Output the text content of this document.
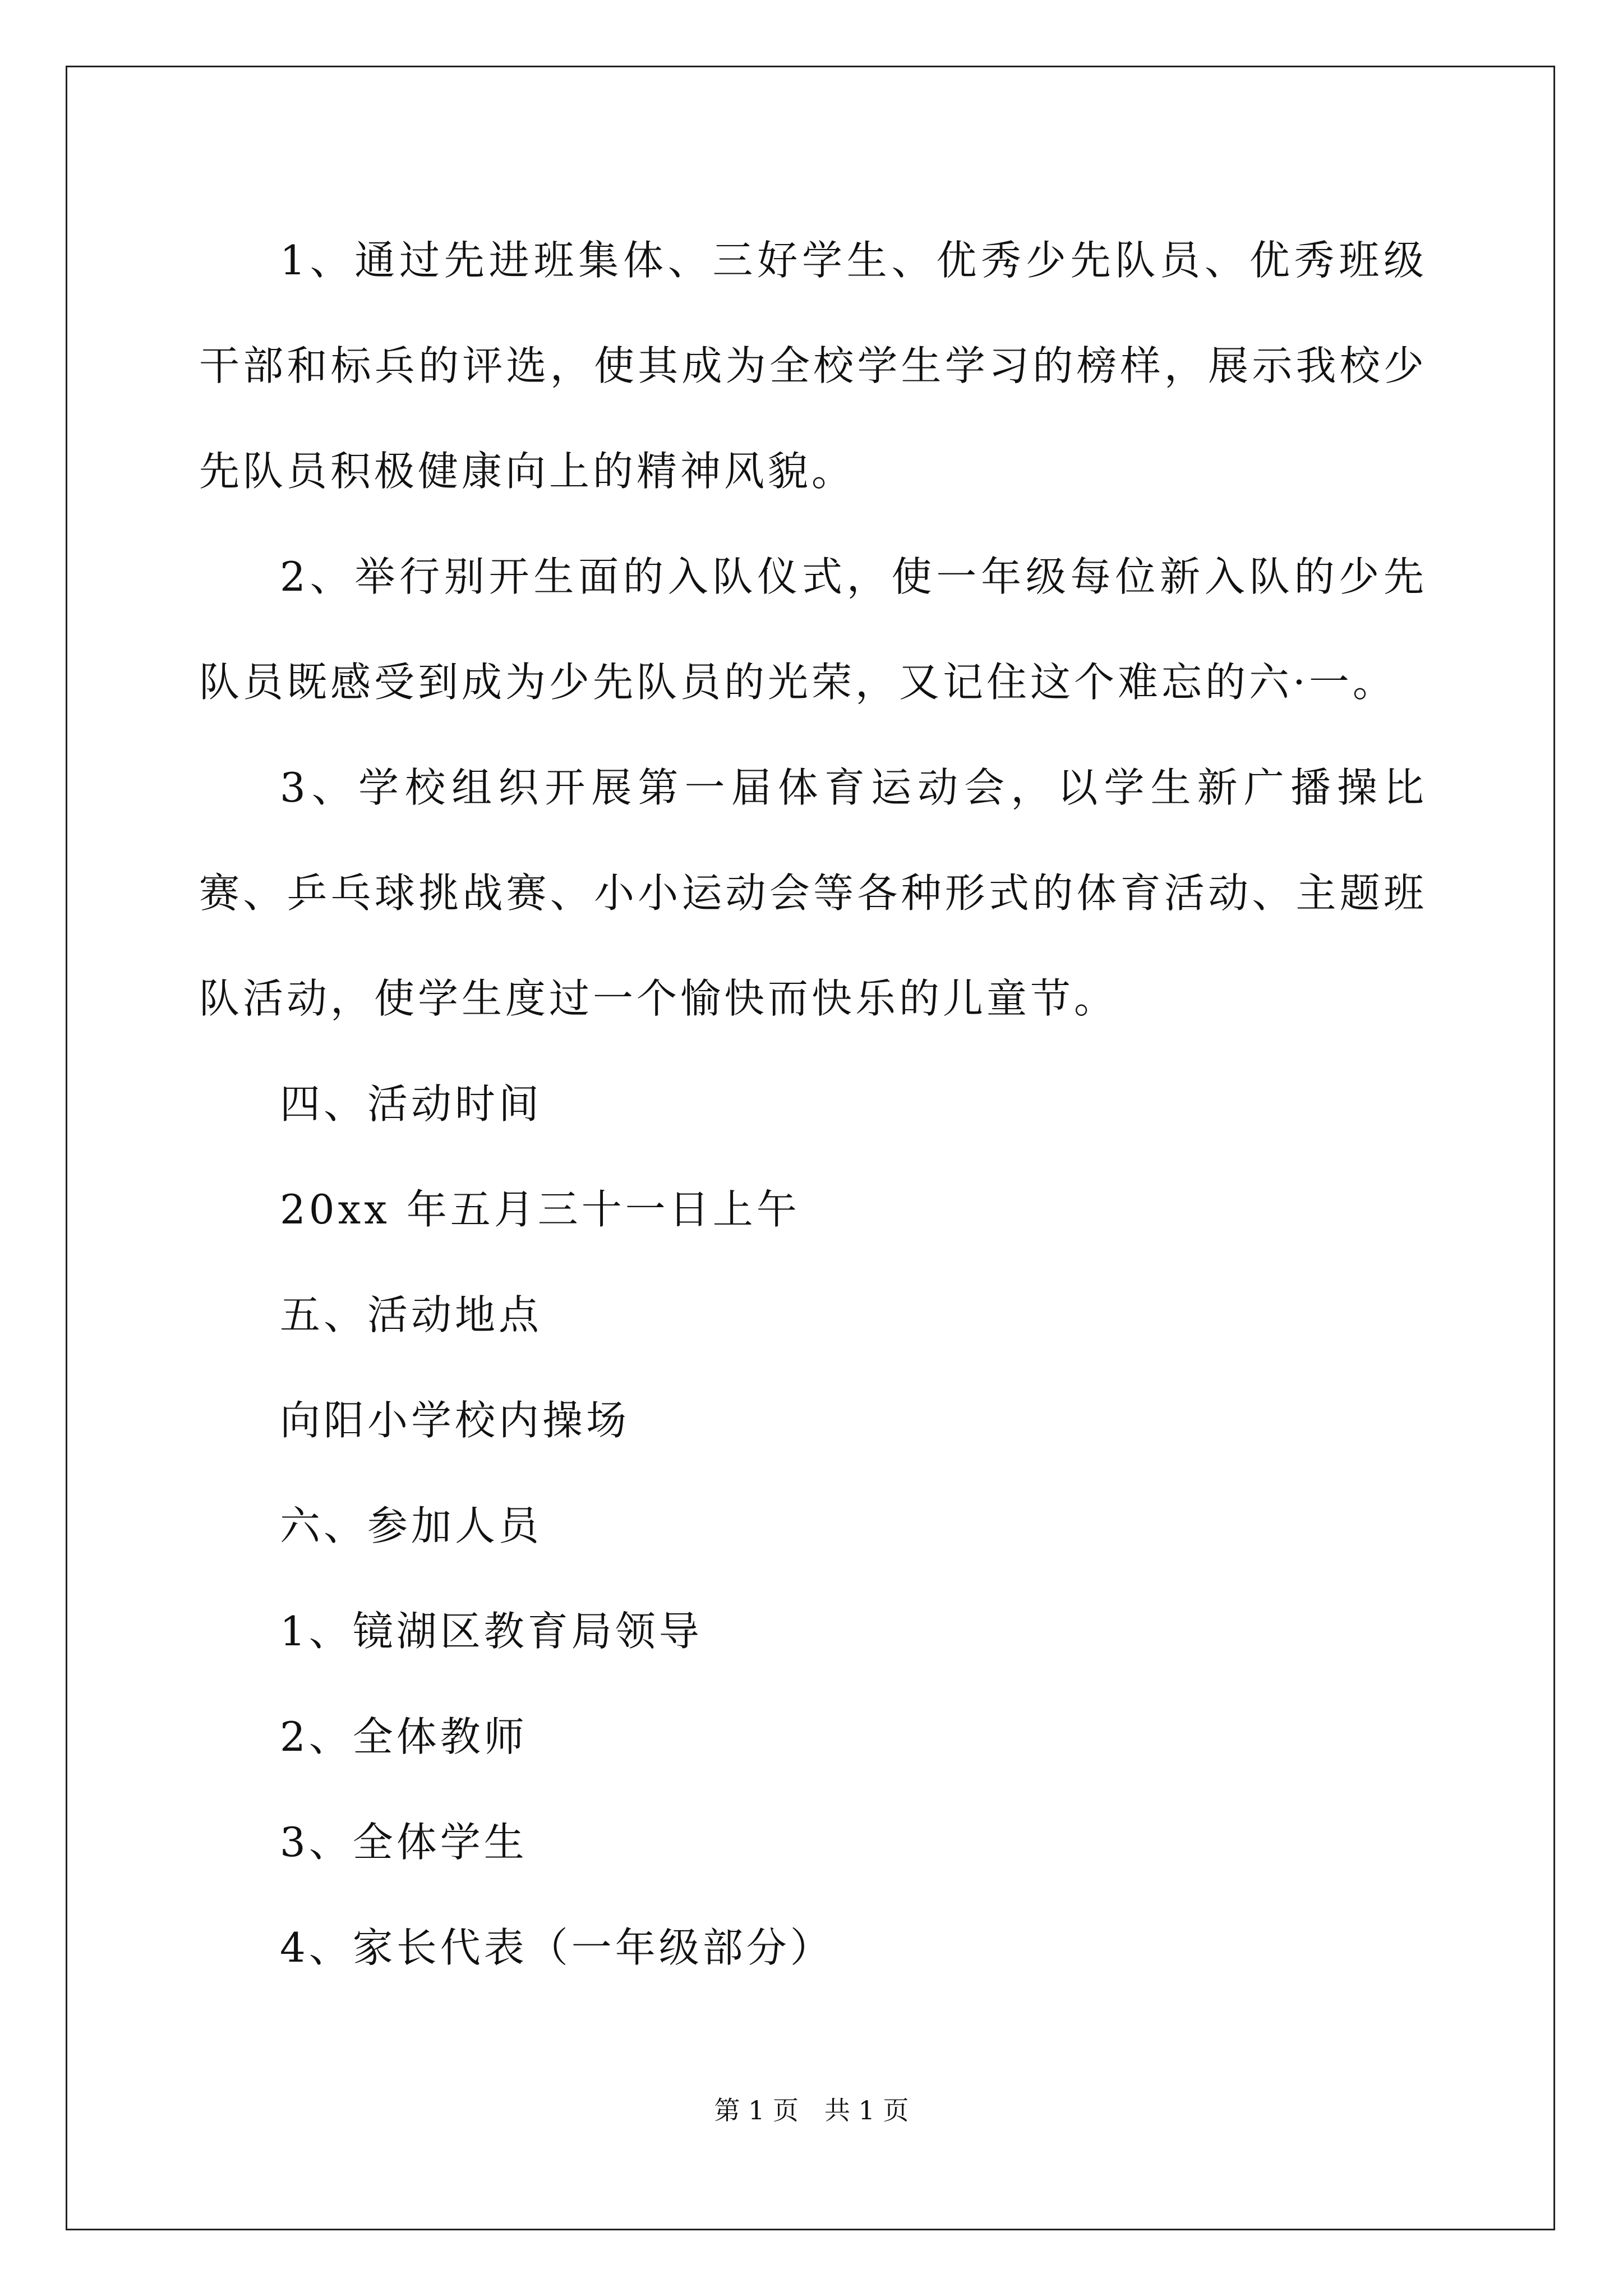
1、通过先进班集体、三好学生、优秀少先队员、优秀班级干部和标兵的评选，使其成为全校学生学习的榜样，展示我校少先队员积极健康向上的精神风貌。

2、举行别开生面的入队仪式，使一年级每位新入队的少先队员既感受到成为少先队员的光荣，又记住这个难忘的六·一。

3、学校组织开展第一届体育运动会，以学生新广播操比赛、乒乓球挑战赛、小小运动会等各种形式的体育活动、主题班队活动，使学生度过一个愉快而快乐的儿童节。

四、活动时间

20xx 年五月三十一日上午

五、活动地点

向阳小学校内操场

六、参加人员

1、镜湖区教育局领导

2、全体教师

3、全体学生

4、家长代表（一年级部分）

第 1 页 共 1 页
